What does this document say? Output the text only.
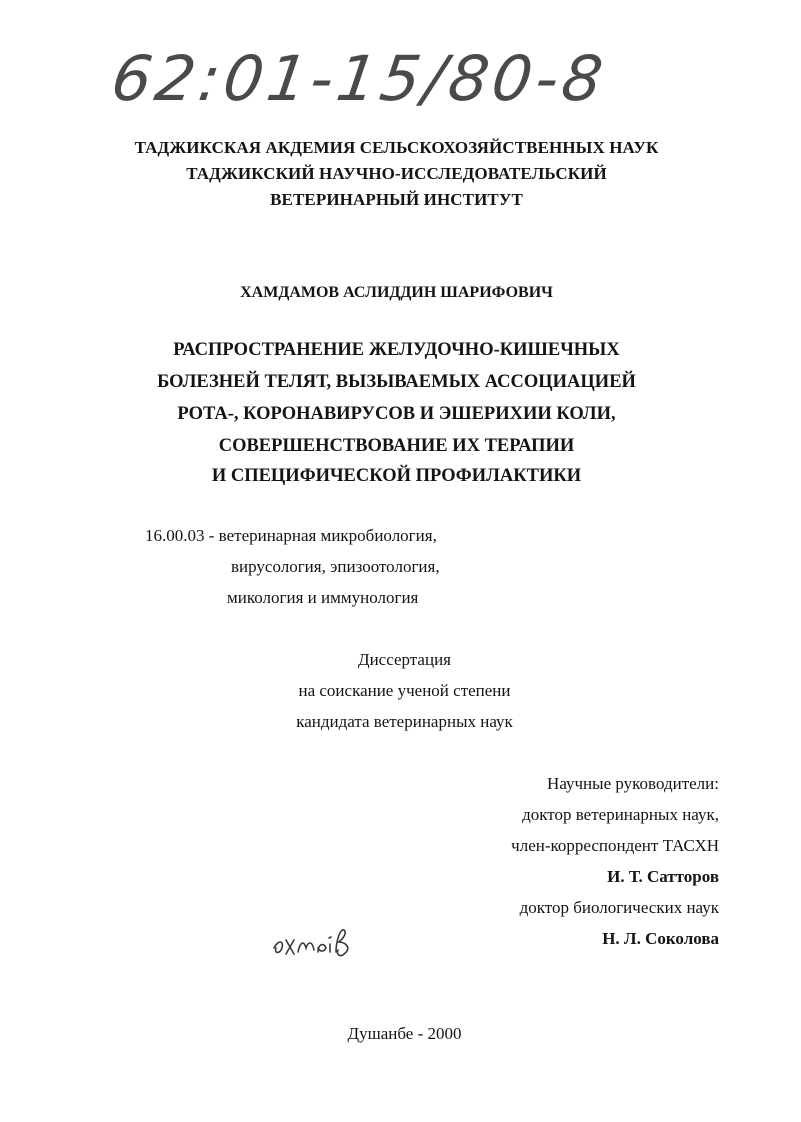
62:01-15/80-8
ТАДЖИКСКАЯ АКДЕМИЯ СЕЛЬСКОХОЗЯЙСТВЕННЫХ НАУК
ТАДЖИКСКИЙ НАУЧНО-ИССЛЕДОВАТЕЛЬСКИЙ
ВЕТЕРИНАРНЫЙ ИНСТИТУТ
ХАМДАМОВ АСЛИДДИН ШАРИФОВИЧ
РАСПРОСТРАНЕНИЕ ЖЕЛУДОЧНО-КИШЕЧНЫХ
БОЛЕЗНЕЙ ТЕЛЯТ, ВЫЗЫВАЕМЫХ АССОЦИАЦИЕЙ
РОТА-, КОРОНАВИРУСОВ И ЭШЕРИХИИ КОЛИ,
СОВЕРШЕНСТВОВАНИЕ ИХ ТЕРАПИИ
И СПЕЦИФИЧЕСКОЙ ПРОФИЛАКТИКИ
16.00.03 - ветеринарная микробиология,
вирусология, эпизоотология,
микология и иммунология
Диссертация
на соискание ученой степени
кандидата ветеринарных наук
Научные руководители:
доктор ветеринарных наук,
член-корреспондент ТАСХН
И. Т. Сатторов
доктор биологических наук
Н. Л. Соколова
Душанбе - 2000
